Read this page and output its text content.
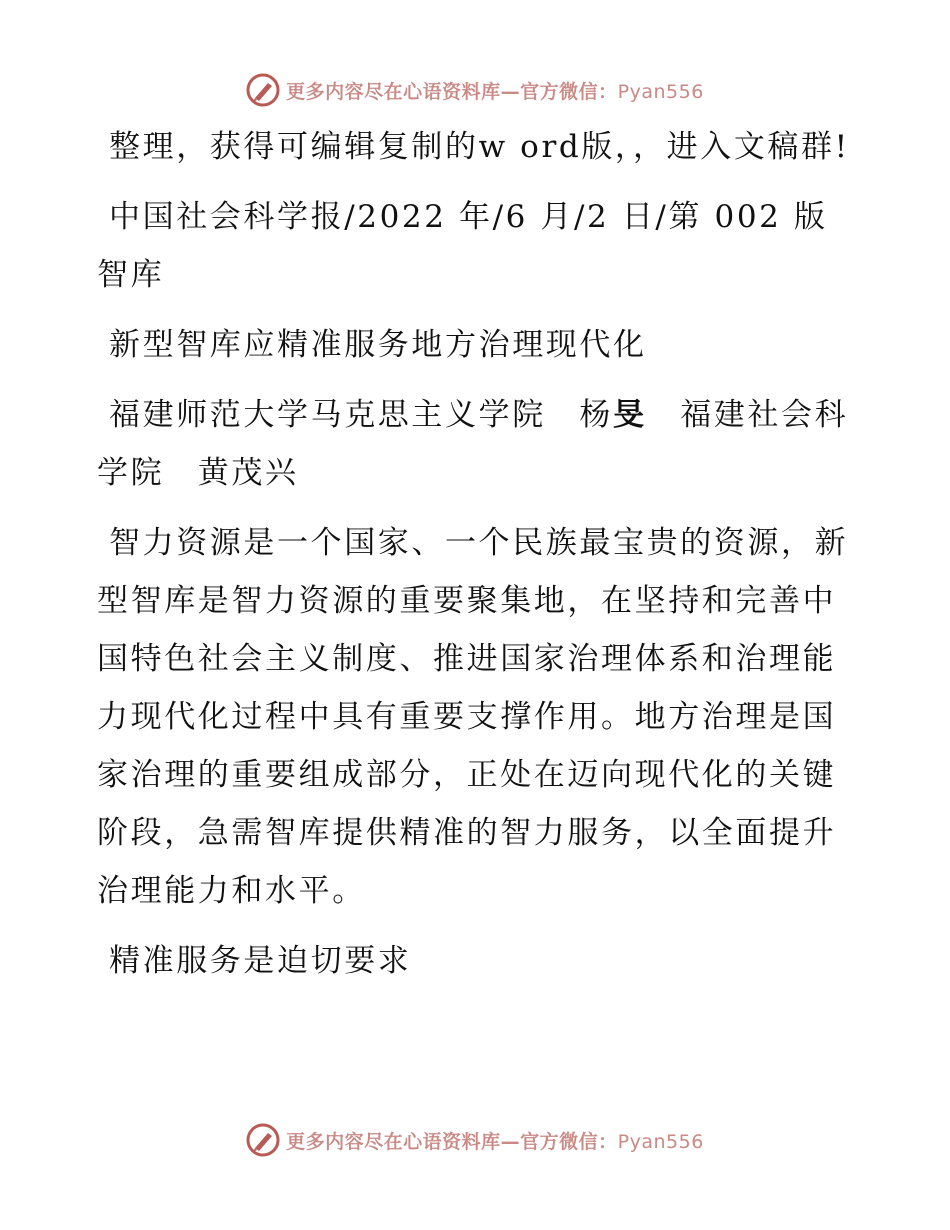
更多内容尽在心语资料库—官方微信：Pyan556

整理，获得可编辑复制的w ord版，，进入文稿群!

中国社会科学报/2022 年/6 月/2 日/第 002 版智库

新型智库应精准服务地方治理现代化

福建师范大学马克思主义学院　杨旻　福建社会科学院　黄茂兴

智力资源是一个国家、一个民族最宝贵的资源，新型智库是智力资源的重要聚集地，在坚持和完善中国特色社会主义制度、推进国家治理体系和治理能力现代化过程中具有重要支撑作用。地方治理是国家治理的重要组成部分，正处在迈向现代化的关键阶段，急需智库提供精准的智力服务，以全面提升治理能力和水平。

精准服务是迫切要求

更多内容尽在心语资料库—官方微信：Pyan556
